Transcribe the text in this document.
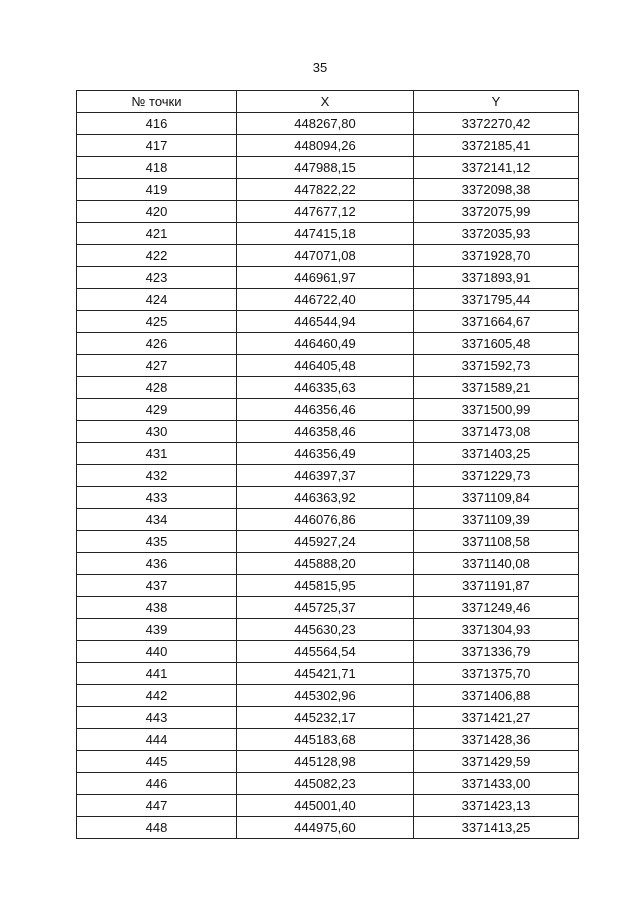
35
№ точки	X	Y
416	448267,80	3372270,42
417	448094,26	3372185,41
418	447988,15	3372141,12
419	447822,22	3372098,38
420	447677,12	3372075,99
421	447415,18	3372035,93
422	447071,08	3371928,70
423	446961,97	3371893,91
424	446722,40	3371795,44
425	446544,94	3371664,67
426	446460,49	3371605,48
427	446405,48	3371592,73
428	446335,63	3371589,21
429	446356,46	3371500,99
430	446358,46	3371473,08
431	446356,49	3371403,25
432	446397,37	3371229,73
433	446363,92	3371109,84
434	446076,86	3371109,39
435	445927,24	3371108,58
436	445888,20	3371140,08
437	445815,95	3371191,87
438	445725,37	3371249,46
439	445630,23	3371304,93
440	445564,54	3371336,79
441	445421,71	3371375,70
442	445302,96	3371406,88
443	445232,17	3371421,27
444	445183,68	3371428,36
445	445128,98	3371429,59
446	445082,23	3371433,00
447	445001,40	3371423,13
448	444975,60	3371413,25
